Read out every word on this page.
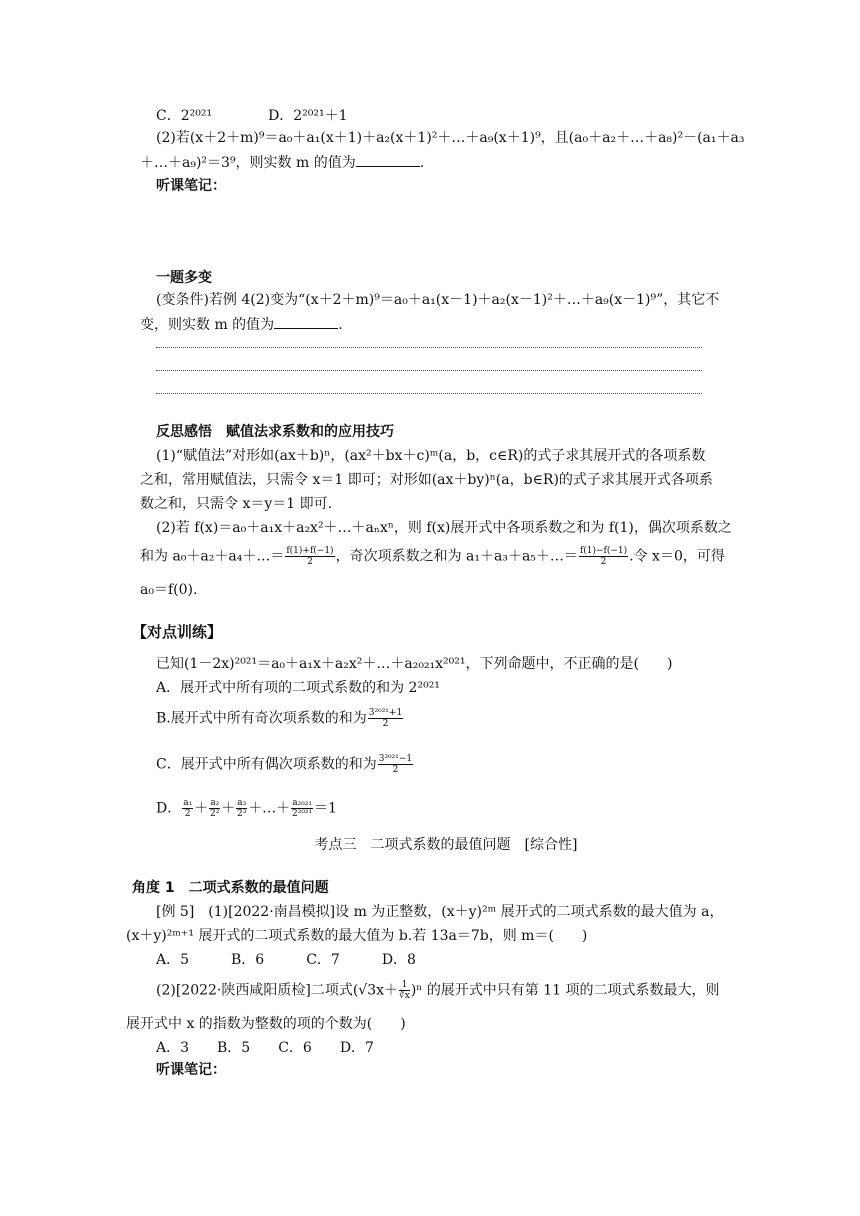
C．2²⁰²¹　　　　D．2²⁰²¹＋1
(2)若(x＋2＋m)⁹＝a₀＋a₁(x＋1)＋a₂(x＋1)²＋…＋a₉(x＋1)⁹，且(a₀＋a₂＋…＋a₈)²－(a₁＋a₃
＋…＋a₉)²＝3⁹，则实数 m 的值为	.
听课笔记：
一题多变
(变条件)若例 4(2)变为“(x＋2＋m)⁹＝a₀＋a₁(x－1)＋a₂(x－1)²＋…＋a₉(x－1)⁹”，其它不
变，则实数 m 的值为	.
反思感悟　赋值法求系数和的应用技巧
(1)“赋值法”对形如(ax＋b)ⁿ，(ax²＋bx＋c)ᵐ(a，b，c∈R)的式子求其展开式的各项系数
之和，常用赋值法，只需令 x＝1 即可；对形如(ax＋by)ⁿ(a，b∈R)的式子求其展开式各项系
数之和，只需令 x＝y＝1 即可.
(2)若 f(x)＝a₀＋a₁x＋a₂x²＋…＋aₙxⁿ，则 f(x)展开式中各项系数之和为 f(1)，偶次项系数之
和为 a₀＋a₂＋a₄＋…＝ $\frac{f(1)+f(-1)}{2}$ ，奇次项系数之和为 a₁＋a₃＋a₅＋…＝ $\frac{f(1)-f(-1)}{2}$ .令 x＝0，可得
a₀＝f(0).
【对点训练】
已知(1－2x)²⁰²¹＝a₀＋a₁x＋a₂x²＋…＋a₂₀₂₁x²⁰²¹，下列命题中，不正确的是(　　)
A．展开式中所有项的二项式系数的和为 2²⁰²¹
B.展开式中所有奇次项系数的和为 $\frac{\text{3²⁰²¹+1}}{2}$
C．展开式中所有偶次项系数的和为 $\frac{\text{3²⁰²¹−1}}{2}$
D． $\frac{\text{a₁}}{2} + \frac{\text{a₂}}{\text{2²}} + \frac{\text{a₃}}{\text{2³}}$ ＋…＋ $\frac{\text{a₂₀₂₁}}{\text{2²⁰²¹}} =1$
考点三　二项式系数的最值问题　[综合性]
角度 1　二项式系数的最值问题
[例 5]　(1)[2022·南昌模拟]设 m 为正整数，(x＋y)²ᵐ 展开式的二项式系数的最大值为 a，
(x＋y)²ᵐ⁺¹ 展开式的二项式系数的最大值为 b.若 13a＝7b，则 m＝(　　)
A．5　　　B．6　　　C．7　　　D．8
(2)[2022·陕西咸阳质检]二项式$(√3x+ \frac{1}{∛x} )^n$ 的展开式中只有第 11 项的二项式系数最大，则
展开式中 x 的指数为整数的项的个数为(　　)
A．3　　B．5　　C．6　　D．7
听课笔记：
